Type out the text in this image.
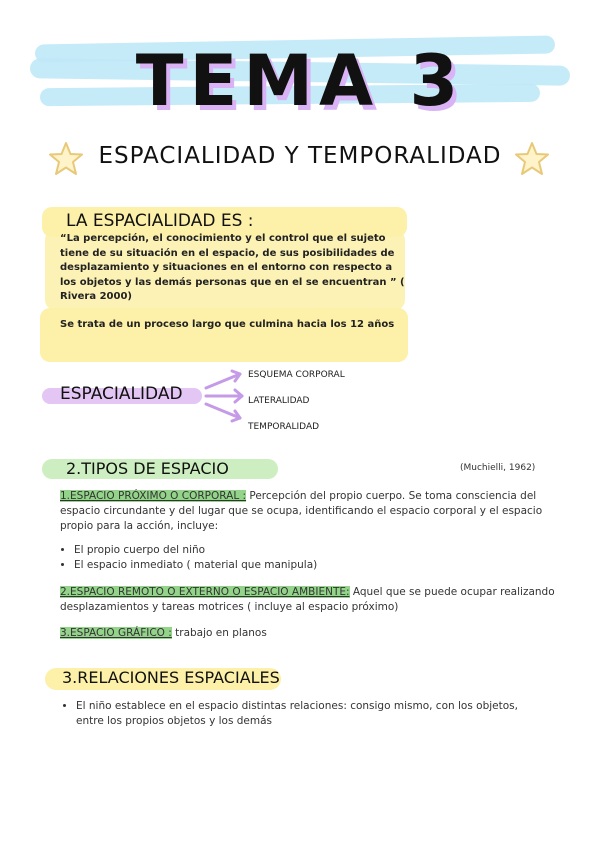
TEMA 3
ESPACIALIDAD Y TEMPORALIDAD
LA ESPACIALIDAD ES :
“La percepción, el conocimiento y el control que el sujeto tiene de su situación en el espacio, de sus posibilidades de desplazamiento y situaciones en el entorno con respecto a los objetos y las demás personas que en el se encuentran ” ( Rivera 2000)
Se trata de un proceso largo que culmina hacia los 12 años
ESPACIALIDAD
ESQUEMA CORPORAL
LATERALIDAD
TEMPORALIDAD
2.TIPOS DE ESPACIO	(Muchielli, 1962)
1.ESPACIO PRÓXIMO O CORPORAL : Percepción del propio cuerpo. Se toma consciencia del espacio circundante y del lugar que se ocupa, identificando el espacio corporal y el espacio propio para la acción, incluye:
• El propio cuerpo del niño
• El espacio inmediato ( material que manipula)
2.ESPACIO REMOTO O EXTERNO O ESPACIO AMBIENTE: Aquel que se puede ocupar realizando desplazamientos y tareas motrices ( incluye al espacio próximo)
3.ESPACIO GRÁFICO : trabajo en planos
3.RELACIONES ESPACIALES
• El niño establece en el espacio distintas relaciones: consigo mismo, con los objetos, entre los propios objetos y los demás
